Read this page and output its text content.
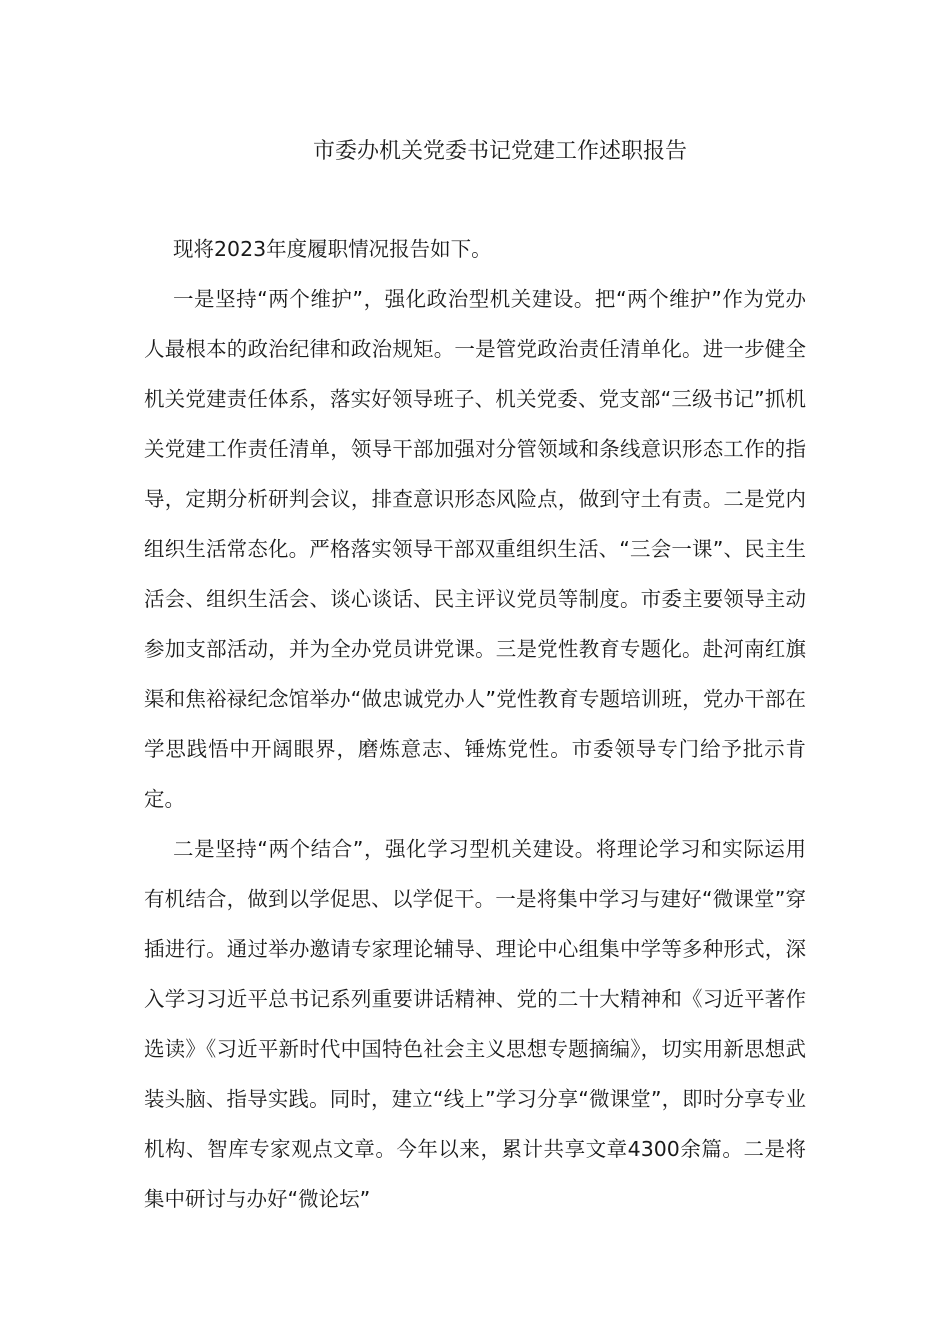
市委办机关党委书记党建工作述职报告

现将2023年度履职情况报告如下。

一是坚持“两个维护”，强化政治型机关建设。把“两个维护”作为党办人最根本的政治纪律和政治规矩。一是管党政治责任清单化。进一步健全机关党建责任体系，落实好领导班子、机关党委、党支部“三级书记”抓机关党建工作责任清单，领导干部加强对分管领域和条线意识形态工作的指导，定期分析研判会议，排查意识形态风险点，做到守土有责。二是党内组织生活常态化。严格落实领导干部双重组织生活、“三会一课”、民主生活会、组织生活会、谈心谈话、民主评议党员等制度。市委主要领导主动参加支部活动，并为全办党员讲党课。三是党性教育专题化。赴河南红旗渠和焦裕禄纪念馆举办“做忠诚党办人”党性教育专题培训班，党办干部在学思践悟中开阔眼界，磨炼意志、锤炼党性。市委领导专门给予批示肯定。

二是坚持“两个结合”，强化学习型机关建设。将理论学习和实际运用有机结合，做到以学促思、以学促干。一是将集中学习与建好“微课堂”穿插进行。通过举办邀请专家理论辅导、理论中心组集中学等多种形式，深入学习习近平总书记系列重要讲话精神、党的二十大精神和《习近平著作选读》《习近平新时代中国特色社会主义思想专题摘编》，切实用新思想武装头脑、指导实践。同时，建立“线上”学习分享“微课堂”，即时分享专业机构、智库专家观点文章。今年以来，累计共享文章4300余篇。二是将集中研讨与办好“微论坛”
